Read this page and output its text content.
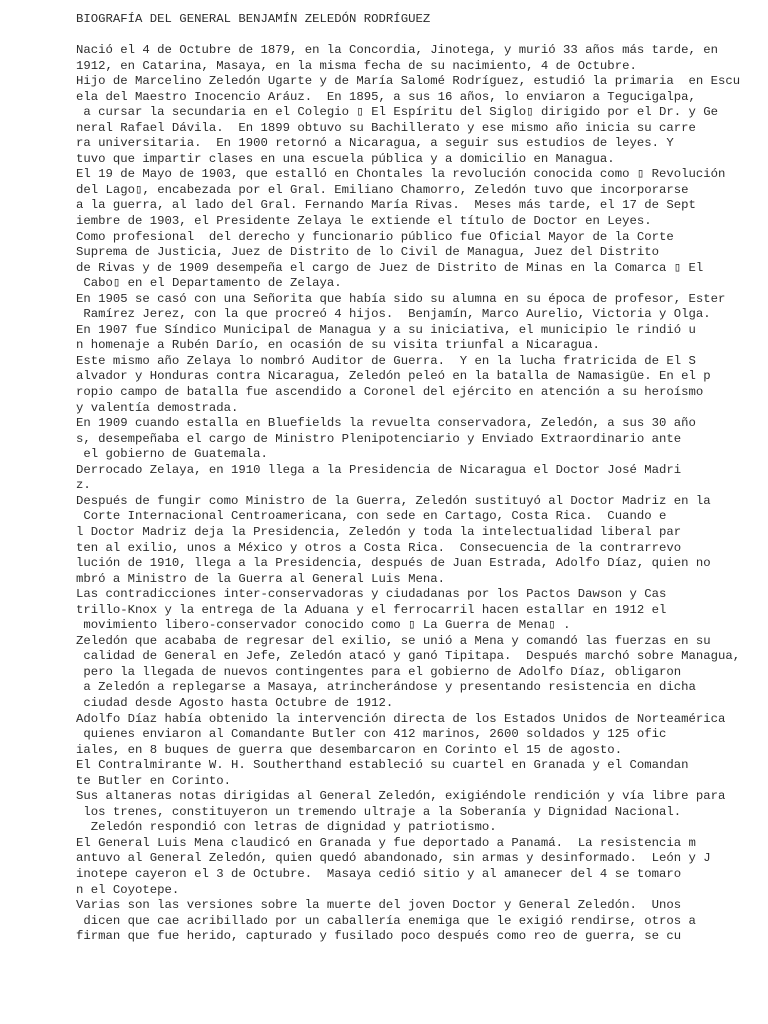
BIOGRAFÍA DEL GENERAL BENJAMÍN ZELEDÓN RODRÍGUEZ
Nació el 4 de Octubre de 1879, en la Concordia, Jinotega, y murió 33 años más tarde, en
1912, en Catarina, Masaya, en la misma fecha de su nacimiento, 4 de Octubre.
Hijo de Marcelino Zeledón Ugarte y de María Salomé Rodríguez, estudió la primaria  en Escu
ela del Maestro Inocencio Aráuz.  En 1895, a sus 16 años, lo enviaron a Tegucigalpa,
a cursar la secundaria en el Colegio ▯ El Espíritu del Siglo▯ dirigido por el Dr. y Ge
neral Rafael Dávila.  En 1899 obtuvo su Bachillerato y ese mismo año inicia su carre
ra universitaria.  En 1900 retornó a Nicaragua, a seguir sus estudios de leyes. Y
tuvo que impartir clases en una escuela pública y a domicilio en Managua.
El 19 de Mayo de 1903, que estalló en Chontales la revolución conocida como ▯ Revolución
del Lago▯, encabezada por el Gral. Emiliano Chamorro, Zeledón tuvo que incorporarse
a la guerra, al lado del Gral. Fernando María Rivas.  Meses más tarde, el 17 de Sept
iembre de 1903, el Presidente Zelaya le extiende el título de Doctor en Leyes.
Como profesional  del derecho y funcionario público fue Oficial Mayor de la Corte
Suprema de Justicia, Juez de Distrito de lo Civil de Managua, Juez del Distrito
de Rivas y de 1909 desempeña el cargo de Juez de Distrito de Minas en la Comarca ▯ El
Cabo▯ en el Departamento de Zelaya.
En 1905 se casó con una Señorita que había sido su alumna en su época de profesor, Ester
Ramírez Jerez, con la que procreó 4 hijos.  Benjamín, Marco Aurelio, Victoria y Olga.
En 1907 fue Síndico Municipal de Managua y a su iniciativa, el municipio le rindió u
n homenaje a Rubén Darío, en ocasión de su visita triunfal a Nicaragua.
Este mismo año Zelaya lo nombró Auditor de Guerra.  Y en la lucha fratricida de El S
alvador y Honduras contra Nicaragua, Zeledón peleó en la batalla de Namasigüe. En el p
ropio campo de batalla fue ascendido a Coronel del ejército en atención a su heroísmo
y valentía demostrada.
En 1909 cuando estalla en Bluefields la revuelta conservadora, Zeledón, a sus 30 año
s, desempeñaba el cargo de Ministro Plenipotenciario y Enviado Extraordinario ante
el gobierno de Guatemala.
Derrocado Zelaya, en 1910 llega a la Presidencia de Nicaragua el Doctor José Madri
z.
Después de fungir como Ministro de la Guerra, Zeledón sustituyó al Doctor Madriz en la
Corte Internacional Centroamericana, con sede en Cartago, Costa Rica.  Cuando e
l Doctor Madriz deja la Presidencia, Zeledón y toda la intelectualidad liberal par
ten al exilio, unos a México y otros a Costa Rica.  Consecuencia de la contrarrevo
lución de 1910, llega a la Presidencia, después de Juan Estrada, Adolfo Díaz, quien no
mbró a Ministro de la Guerra al General Luis Mena.
Las contradicciones inter-conservadoras y ciudadanas por los Pactos Dawson y Cas
trillo-Knox y la entrega de la Aduana y el ferrocarril hacen estallar en 1912 el
movimiento libero-conservador conocido como ▯ La Guerra de Mena▯ .
Zeledón que acababa de regresar del exilio, se unió a Mena y comandó las fuerzas en su
calidad de General en Jefe, Zeledón atacó y ganó Tipitapa.  Después marchó sobre Managua,
pero la llegada de nuevos contingentes para el gobierno de Adolfo Díaz, obligaron
a Zeledón a replegarse a Masaya, atrincherándose y presentando resistencia en dicha
ciudad desde Agosto hasta Octubre de 1912.
Adolfo Díaz había obtenido la intervención directa de los Estados Unidos de Norteamérica
quienes enviaron al Comandante Butler con 412 marinos, 2600 soldados y 125 ofic
iales, en 8 buques de guerra que desembarcaron en Corinto el 15 de agosto.
El Contralmirante W. H. Southerthand estableció su cuartel en Granada y el Comandan
te Butler en Corinto.
Sus altaneras notas dirigidas al General Zeledón, exigiéndole rendición y vía libre para
los trenes, constituyeron un tremendo ultraje a la Soberanía y Dignidad Nacional.
Zeledón respondió con letras de dignidad y patriotismo.
El General Luis Mena claudicó en Granada y fue deportado a Panamá.  La resistencia m
antuvo al General Zeledón, quien quedó abandonado, sin armas y desinformado.  León y J
inotepe cayeron el 3 de Octubre.  Masaya cedió sitio y al amanecer del 4 se tomaro
n el Coyotepe.
Varias son las versiones sobre la muerte del joven Doctor y General Zeledón.  Unos
dicen que cae acribillado por un caballería enemiga que le exigió rendirse, otros a
firman que fue herido, capturado y fusilado poco después como reo de guerra, se cu
